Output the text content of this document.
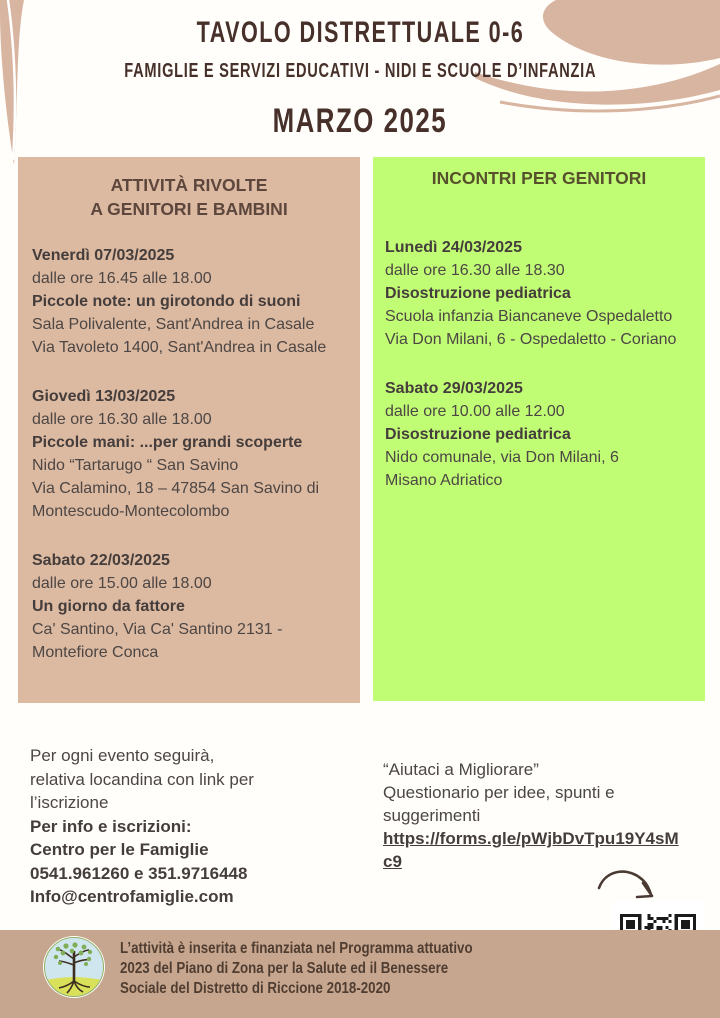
TAVOLO DISTRETTUALE 0-6
FAMIGLIE E SERVIZI EDUCATIVI - NIDI E SCUOLE D’INFANZIA
MARZO 2025
ATTIVITÀ RIVOLTE
A GENITORI E BAMBINI
Venerdì 07/03/2025
dalle ore 16.45 alle 18.00
Piccole note: un girotondo di suoni
Sala Polivalente, Sant'Andrea in Casale
Via Tavoleto 1400, Sant'Andrea in Casale
Giovedì 13/03/2025
dalle ore 16.30 alle 18.00
Piccole mani: ...per grandi scoperte
Nido “Tartarugo “ San Savino
Via Calamino, 18 – 47854 San Savino di Montescudo-Montecolombo
Sabato 22/03/2025
dalle ore 15.00 alle 18.00
Un giorno da fattore
Ca' Santino, Via Ca' Santino 2131 - Montefiore Conca
INCONTRI PER GENITORI
Lunedì 24/03/2025
dalle ore 16.30 alle 18.30
Disostruzione pediatrica
Scuola infanzia Biancaneve Ospedaletto
Via Don Milani, 6 - Ospedaletto - Coriano
Sabato 29/03/2025
dalle ore 10.00 alle 12.00
Disostruzione pediatrica
Nido comunale, via Don Milani, 6
Misano Adriatico
Per ogni evento seguirà,
relativa locandina con link per
l’iscrizione
Per info e iscrizioni:
Centro per le Famiglie
0541.961260 e 351.9716448
Info@centrofamiglie.com
“Aiutaci a Migliorare”
Questionario per idee, spunti e
suggerimenti
https://forms.gle/pWjbDvTpu19Y4sMc9
L’attività è inserita e finanziata nel Programma attuativo
2023 del Piano di Zona per la Salute ed il Benessere
Sociale del Distretto di Riccione 2018-2020
